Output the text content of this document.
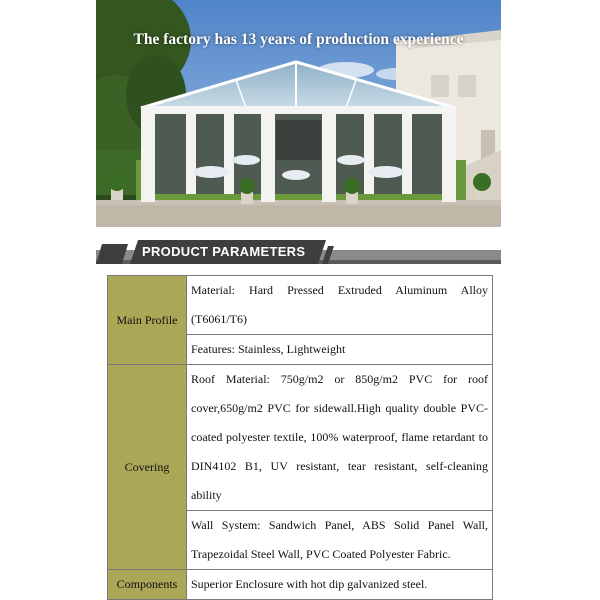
The factory has 13 years of production experience
PRODUCT PARAMETERS
Main Profile	Material: Hard Pressed Extruded Aluminum Alloy (T6061/T6)
	Features: Stainless, Lightweight
Covering	Roof Material: 750g/m2 or 850g/m2 PVC for roof cover,650g/m2 PVC for sidewall.High quality double PVC-coated polyester textile, 100% waterproof, flame retardant to DIN4102 B1, UV resistant, tear resistant, self-cleaning ability
	Wall System: Sandwich Panel, ABS Solid Panel Wall, Trapezoidal Steel Wall, PVC Coated Polyester Fabric.
Components	Superior Enclosure with hot dip galvanized steel.
